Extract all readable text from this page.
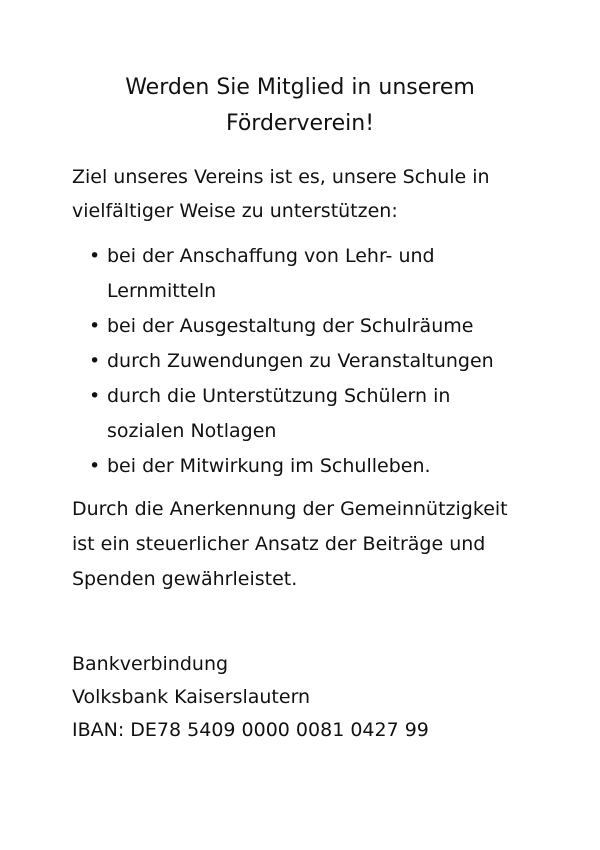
Werden Sie Mitglied in unserem
Förderverein!

Ziel unseres Vereins ist es, unsere Schule in
vielfältiger Weise zu unterstützen:

• bei der Anschaffung von Lehr- und
Lernmitteln
• bei der Ausgestaltung der Schulräume
• durch Zuwendungen zu Veranstaltungen
• durch die Unterstützung Schülern in
sozialen Notlagen
• bei der Mitwirkung im Schulleben.

Durch die Anerkennung der Gemeinnützigkeit
ist ein steuerlicher Ansatz der Beiträge und
Spenden gewährleistet.

Bankverbindung
Volksbank Kaiserslautern
IBAN: DE78 5409 0000 0081 0427 99
